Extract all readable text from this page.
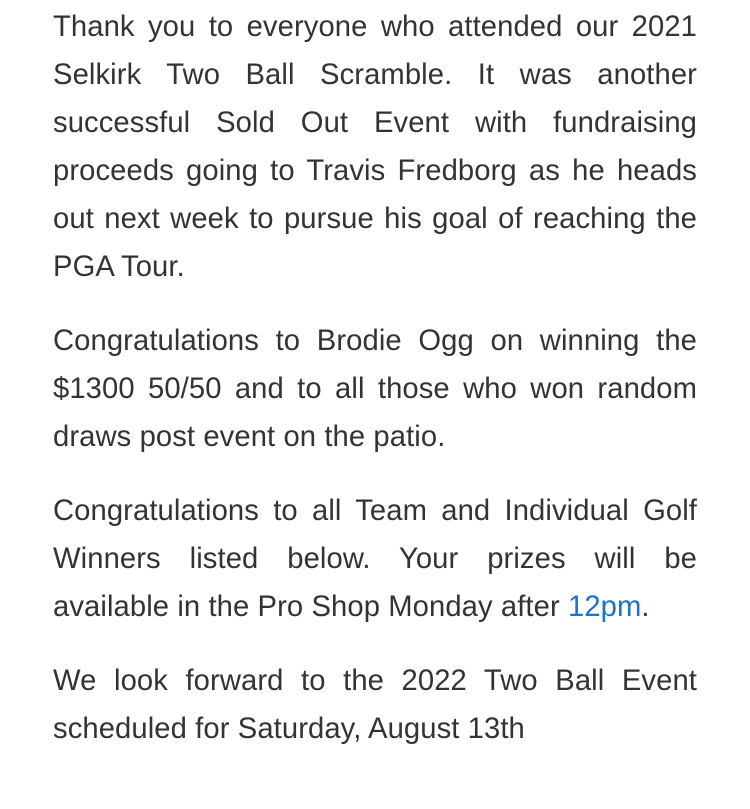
Thank you to everyone who attended our 2021 Selkirk Two Ball Scramble. It was another successful Sold Out Event with fundraising proceeds going to Travis Fredborg as he heads out next week to pursue his goal of reaching the PGA Tour.

Congratulations to Brodie Ogg on winning the $1300 50/50 and to all those who won random draws post event on the patio.

Congratulations to all Team and Individual Golf Winners listed below. Your prizes will be available in the Pro Shop Monday after 12pm.

We look forward to the 2022 Two Ball Event scheduled for Saturday, August 13th
